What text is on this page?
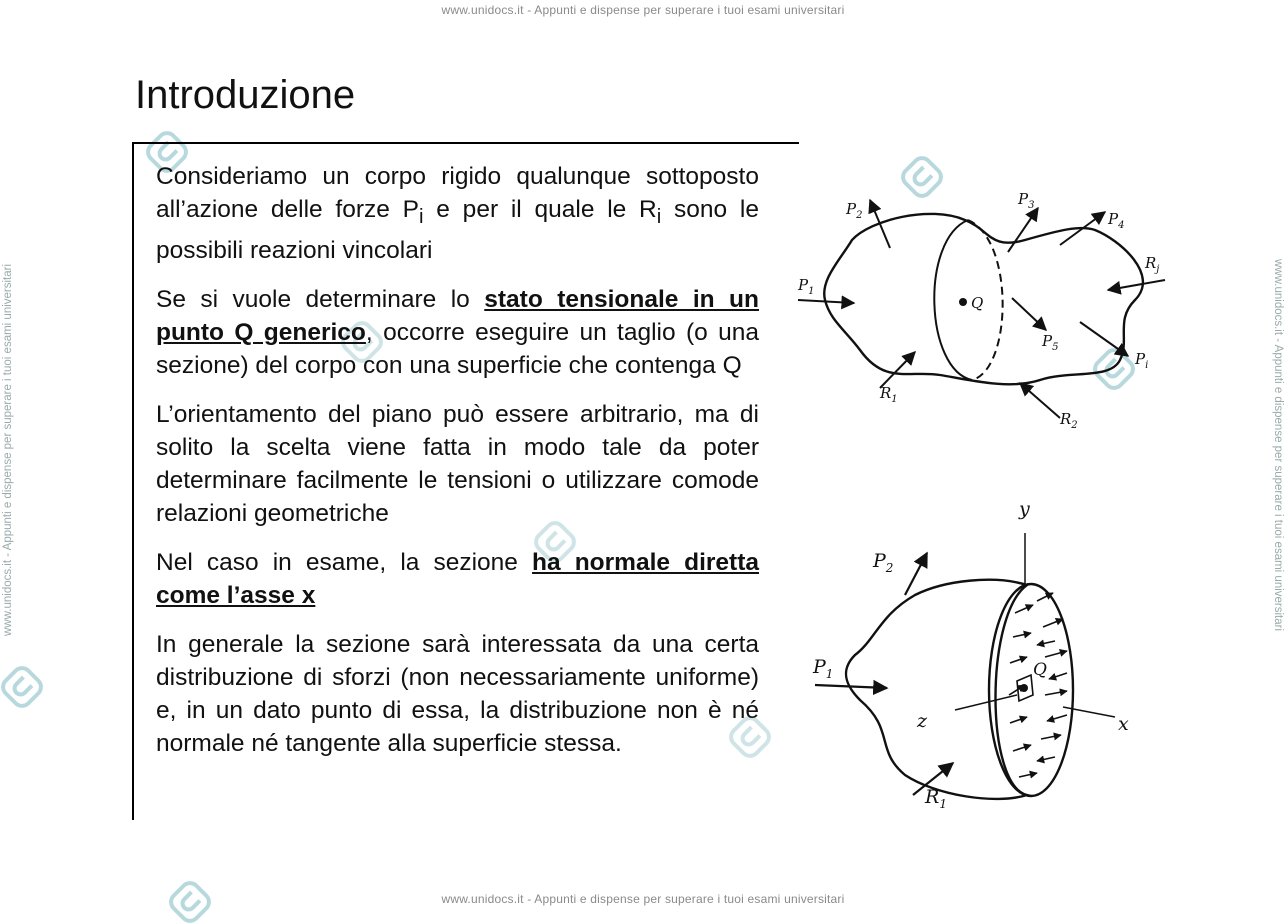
www.unidocs.it - Appunti e dispense per superare i tuoi esami universitari
www.unidocs.it - Appunti e dispense per superare i tuoi esami universitari
www.unidocs.it - Appunti e dispense per superare i tuoi esami universitari	www.unidocs.it - Appunti e dispense per superare i tuoi esami universitari
Introduzione

Consideriamo un corpo rigido qualunque sottoposto all’azione delle forze $P_i$ e per il quale le $R_i$ sono le possibili reazioni vincolari

Se si vuole determinare lo stato tensionale in un punto Q generico, occorre eseguire un taglio (o una sezione) del corpo con una superficie che contenga Q

L’orientamento del piano può essere arbitrario, ma di solito la scelta viene fatta in modo tale da poter determinare facilmente le tensioni o utilizzare comode relazioni geometriche

Nel caso in esame, la sezione ha normale diretta come l’asse x

In generale la sezione sarà interessata da una certa distribuzione di sforzi (non necessariamente uniforme) e, in un dato punto di essa, la distribuzione non è né normale né tangente alla superficie stessa.

$P_2$
$P_3$
$P_4$
$P_1$
$R_j$
Q
$P_5$
$P_i$
$R_1$
$R_2$
y
z	x
Q
$P_2$
$P_1$
$R_1$
